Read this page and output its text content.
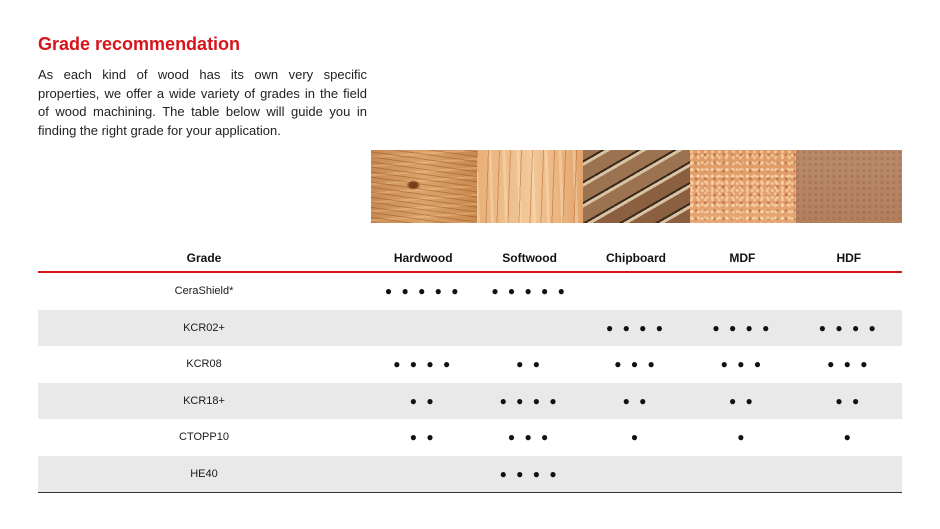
Grade recommendation
As each kind of wood has its own very specific properties, we offer a wide variety of grades in the field of wood machining. The table below will guide you in finding the right grade for your application.
Grade	Hardwood	Softwood	Chipboard	MDF	HDF
CeraShield*	● ● ● ● ●	● ● ● ● ●			
KCR02+			● ● ● ●	● ● ● ●	● ● ● ●
KCR08	● ● ● ●	● ●	● ● ●	● ● ●	● ● ●
KCR18+	● ●	● ● ● ●	● ●	● ●	● ●
CTOPP10	● ●	● ● ●	●	●	●
HE40		● ● ● ●			
